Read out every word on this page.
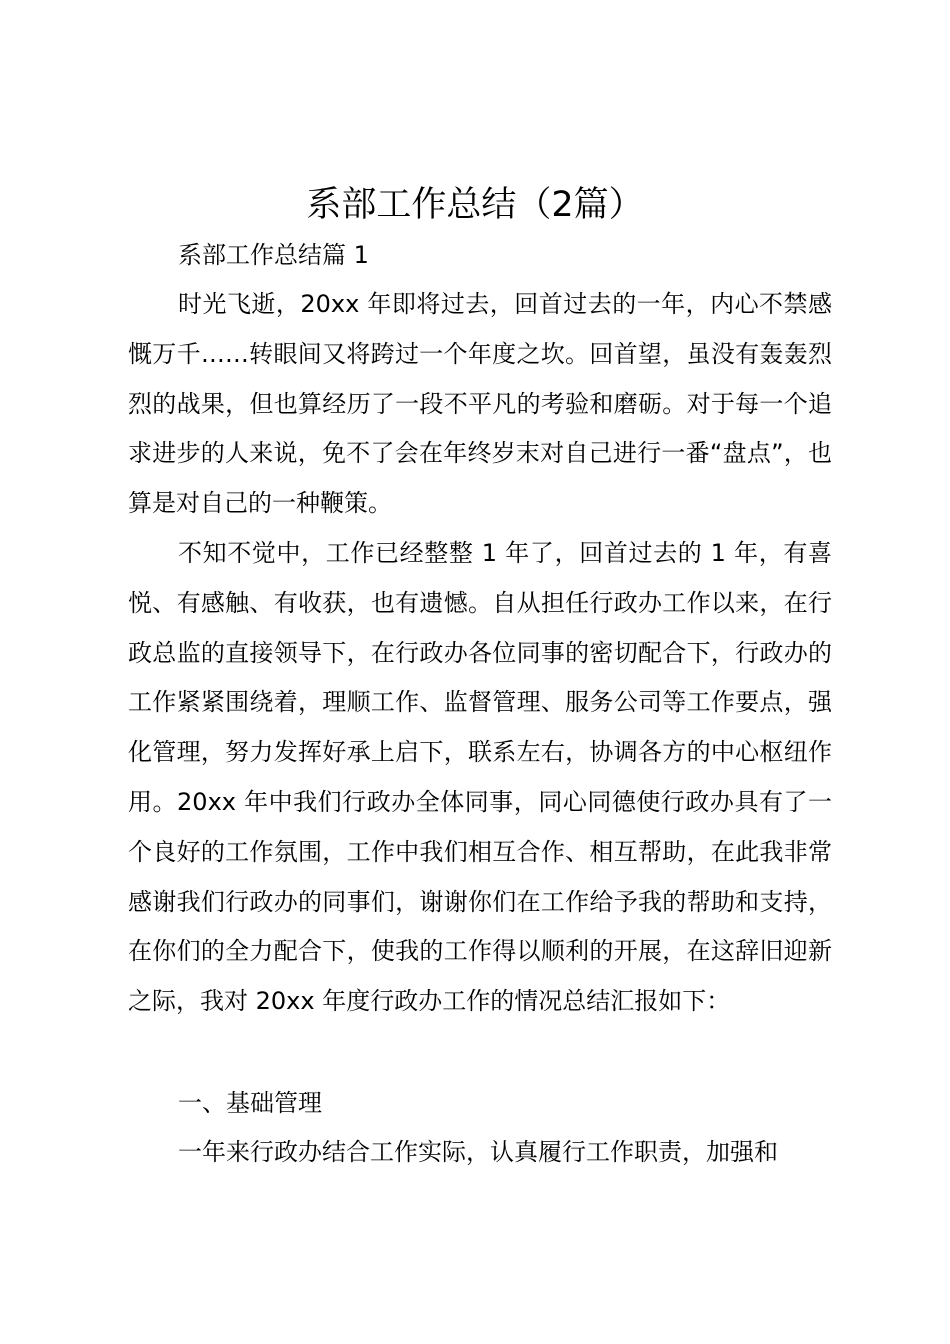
系部工作总结（2篇）
系部工作总结篇 1
时光飞逝，20xx 年即将过去，回首过去的一年，内心不禁感慨万千……转眼间又将跨过一个年度之坎。回首望，虽没有轰轰烈烈的战果，但也算经历了一段不平凡的考验和磨砺。对于每一个追求进步的人来说，免不了会在年终岁末对自己进行一番“盘点”，也算是对自己的一种鞭策。
不知不觉中，工作已经整整 1 年了，回首过去的 1 年，有喜悦、有感触、有收获，也有遗憾。自从担任行政办工作以来，在行政总监的直接领导下，在行政办各位同事的密切配合下，行政办的工作紧紧围绕着，理顺工作、监督管理、服务公司等工作要点，强化管理，努力发挥好承上启下，联系左右，协调各方的中心枢纽作用。20xx 年中我们行政办全体同事，同心同德使行政办具有了一个良好的工作氛围，工作中我们相互合作、相互帮助，在此我非常感谢我们行政办的同事们，谢谢你们在工作给予我的帮助和支持，在你们的全力配合下，使我的工作得以顺利的开展，在这辞旧迎新之际，我对 20xx 年度行政办工作的情况总结汇报如下：
一、基础管理
一年来行政办结合工作实际，认真履行工作职责，加强和
